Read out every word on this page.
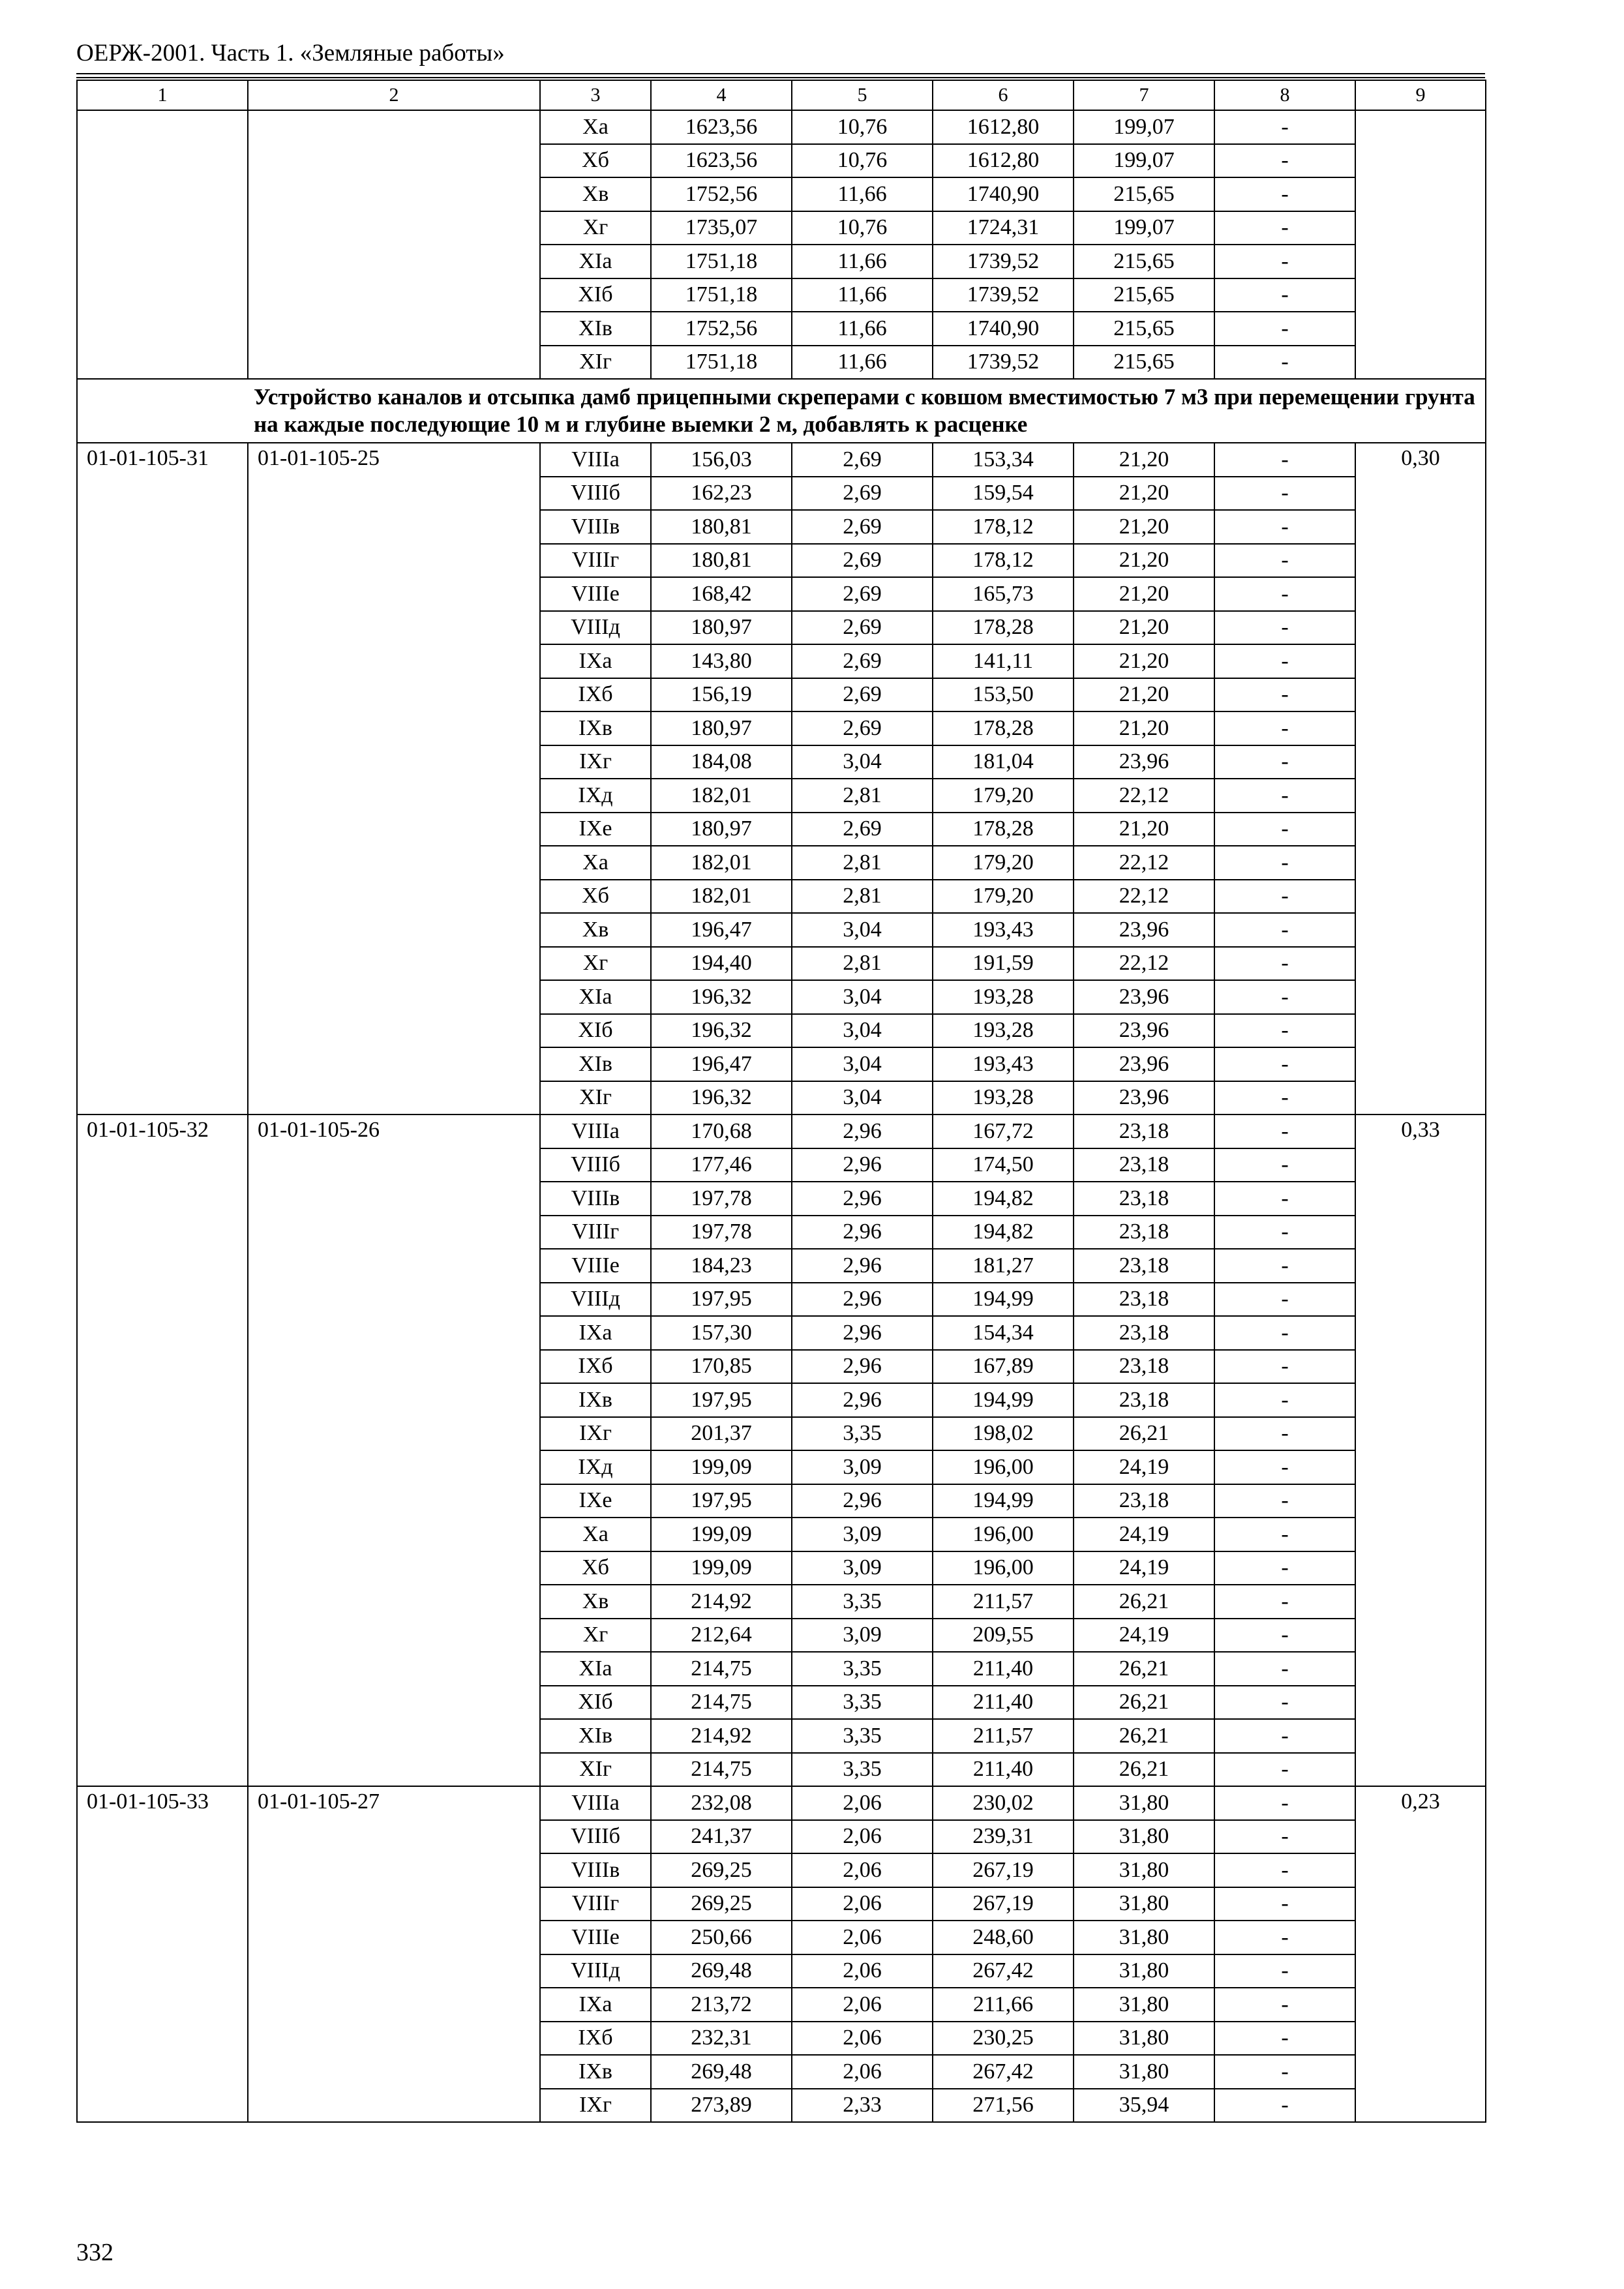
ОЕРЖ-2001. Часть 1. «Земляные работы»
1	2	3	4	5	6	7	8	9
		Xа	1623,56	10,76	1612,80	199,07	-	
		Xб	1623,56	10,76	1612,80	199,07	-	
		Xв	1752,56	11,66	1740,90	215,65	-	
		Xг	1735,07	10,76	1724,31	199,07	-	
		XIа	1751,18	11,66	1739,52	215,65	-	
		XIб	1751,18	11,66	1739,52	215,65	-	
		XIв	1752,56	11,66	1740,90	215,65	-	
		XIг	1751,18	11,66	1739,52	215,65	-	
Устройство каналов и отсыпка дамб прицепными скреперами с ковшом вместимостью 7 м3 при перемещении грунта на каждые последующие 10 м и глубине выемки 2 м, добавлять к расценке								
01-01-105-31	01-01-105-25	VIIIа	156,03	2,69	153,34	21,20	-	0,30
		VIIIб	162,23	2,69	159,54	21,20	-	
		VIIIв	180,81	2,69	178,12	21,20	-	
		VIIIг	180,81	2,69	178,12	21,20	-	
		VIIIе	168,42	2,69	165,73	21,20	-	
		VIIIд	180,97	2,69	178,28	21,20	-	
		IXа	143,80	2,69	141,11	21,20	-	
		IXб	156,19	2,69	153,50	21,20	-	
		IXв	180,97	2,69	178,28	21,20	-	
		IXг	184,08	3,04	181,04	23,96	-	
		IXд	182,01	2,81	179,20	22,12	-	
		IXе	180,97	2,69	178,28	21,20	-	
		Xа	182,01	2,81	179,20	22,12	-	
		Xб	182,01	2,81	179,20	22,12	-	
		Xв	196,47	3,04	193,43	23,96	-	
		Xг	194,40	2,81	191,59	22,12	-	
		XIа	196,32	3,04	193,28	23,96	-	
		XIб	196,32	3,04	193,28	23,96	-	
		XIв	196,47	3,04	193,43	23,96	-	
		XIг	196,32	3,04	193,28	23,96	-	
01-01-105-32	01-01-105-26	VIIIа	170,68	2,96	167,72	23,18	-	0,33
		VIIIб	177,46	2,96	174,50	23,18	-	
		VIIIв	197,78	2,96	194,82	23,18	-	
		VIIIг	197,78	2,96	194,82	23,18	-	
		VIIIе	184,23	2,96	181,27	23,18	-	
		VIIIд	197,95	2,96	194,99	23,18	-	
		IXа	157,30	2,96	154,34	23,18	-	
		IXб	170,85	2,96	167,89	23,18	-	
		IXв	197,95	2,96	194,99	23,18	-	
		IXг	201,37	3,35	198,02	26,21	-	
		IXд	199,09	3,09	196,00	24,19	-	
		IXе	197,95	2,96	194,99	23,18	-	
		Xа	199,09	3,09	196,00	24,19	-	
		Xб	199,09	3,09	196,00	24,19	-	
		Xв	214,92	3,35	211,57	26,21	-	
		Xг	212,64	3,09	209,55	24,19	-	
		XIа	214,75	3,35	211,40	26,21	-	
		XIб	214,75	3,35	211,40	26,21	-	
		XIв	214,92	3,35	211,57	26,21	-	
		XIг	214,75	3,35	211,40	26,21	-	
01-01-105-33	01-01-105-27	VIIIа	232,08	2,06	230,02	31,80	-	0,23
		VIIIб	241,37	2,06	239,31	31,80	-	
		VIIIв	269,25	2,06	267,19	31,80	-	
		VIIIг	269,25	2,06	267,19	31,80	-	
		VIIIе	250,66	2,06	248,60	31,80	-	
		VIIIд	269,48	2,06	267,42	31,80	-	
		IXа	213,72	2,06	211,66	31,80	-	
		IXб	232,31	2,06	230,25	31,80	-	
		IXв	269,48	2,06	267,42	31,80	-	
		IXг	273,89	2,33	271,56	35,94	-	
332
